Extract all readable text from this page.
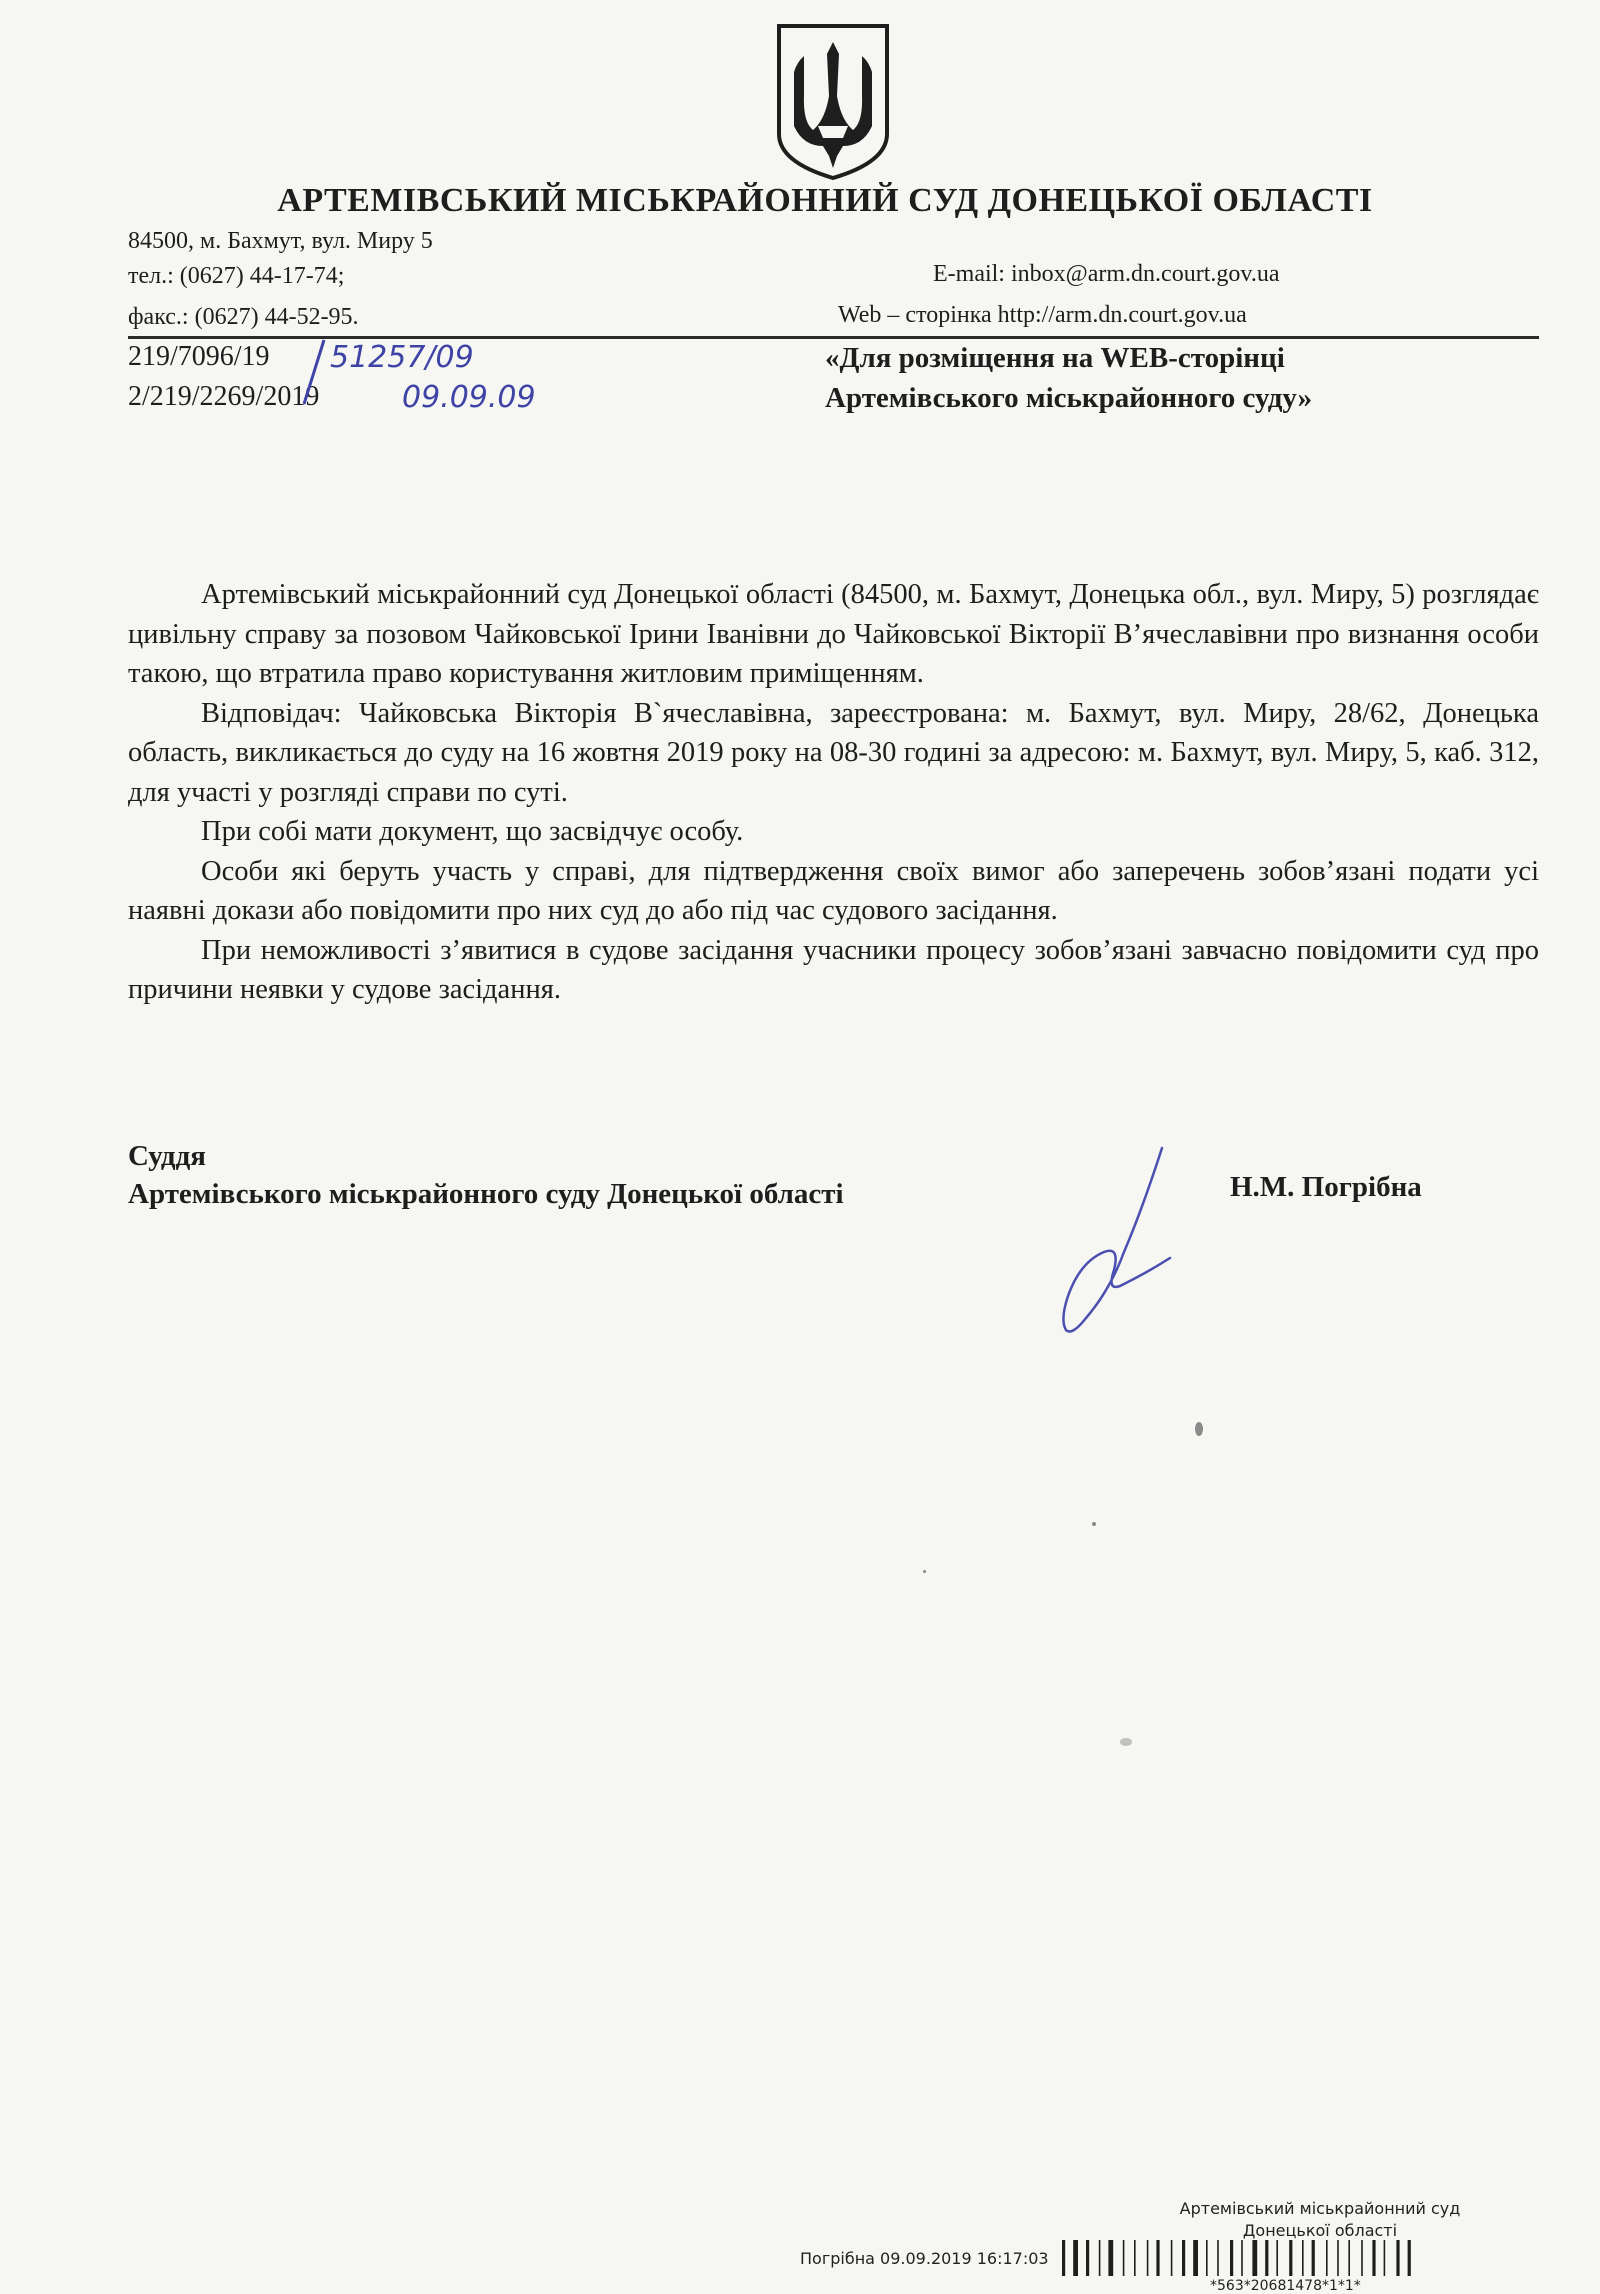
АРТЕМІВСЬКИЙ МІСЬКРАЙОННИЙ СУД ДОНЕЦЬКОЇ ОБЛАСТІ
84500, м. Бахмут, вул. Миру 5
тел.: (0627) 44-17-74;
факс.: (0627) 44-52-95.
E-mail: inbox@arm.dn.court.gov.ua
Web – сторінка http://arm.dn.court.gov.ua
219/7096/19
2/219/2269/2019
51257/09
09.09.09
«Для розміщення на WEB-сторінці
Артемівського міськрайонного суду»

Артемівський міськрайонний суд Донецької області (84500, м. Бахмут, Донецька обл., вул. Миру, 5) розглядає цивільну справу за позовом Чайковської Ірини Іванівни до Чайковської Вікторії В’ячеславівни про визнання особи такою, що втратила право користування житловим приміщенням.

Відповідач: Чайковська Вікторія В`ячеславівна, зареєстрована: м. Бахмут, вул. Миру, 28/62, Донецька область, викликається до суду на 16 жовтня 2019 року на 08-30 годині за адресою: м. Бахмут, вул. Миру, 5, каб. 312, для участі у розгляді справи по суті.

При собі мати документ, що засвідчує особу.

Особи які беруть участь у справі, для підтвердження своїх вимог або заперечень зобов’язані подати усі наявні докази або повідомити про них суд до або під час судового засідання.

При неможливості з’явитися в судове засідання учасники процесу зобов’язані завчасно повідомити суд про причини неявки у судове засідання.

Суддя
Артемівського міськрайонного суду Донецької області	Н.М. Погрібна
Артемівський міськрайонний суд
Донецької області
Погрібна 09.09.2019 16:17:03
*563*20681478*1*1*
